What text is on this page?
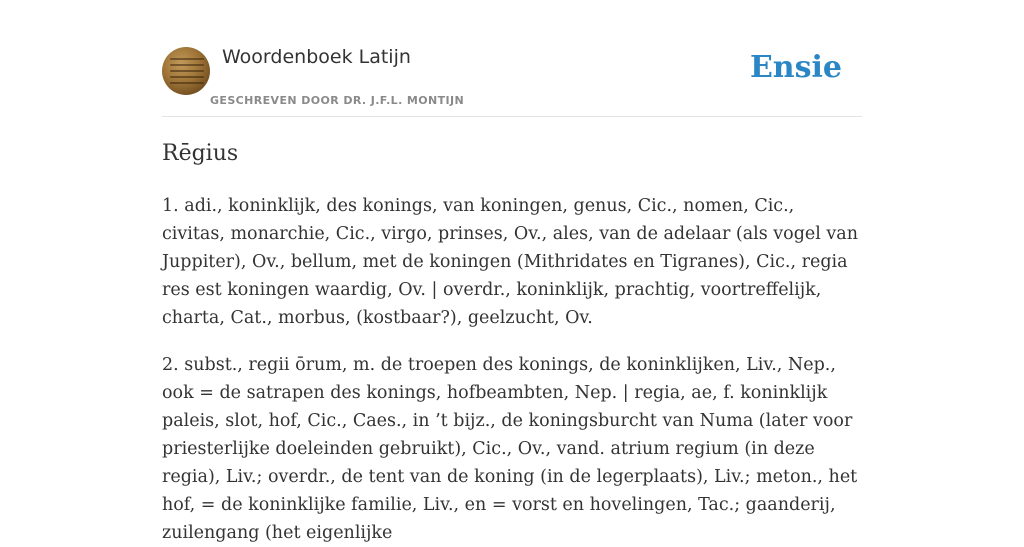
Woordenboek Latijn
GESCHREVEN DOOR DR. J.F.L. MONTIJN
Ensie
Rēgius

1. adi., koninklijk, des konings, van koningen, genus, Cic., nomen, Cic., civitas, monarchie, Cic., virgo, prinses, Ov., ales, van de adelaar (als vogel van Juppiter), Ov., bellum, met de koningen (Mithridates en Tigranes), Cic., regia res est koningen waardig, Ov. | overdr., koninklijk, prachtig, voortreffelijk, charta, Cat., morbus, (kostbaar?), geelzucht, Ov.

2. subst., regii ōrum, m. de troepen des konings, de koninklijken, Liv., Nep., ook = de satrapen des konings, hofbeambten, Nep. | regia, ae, f. koninklijk paleis, slot, hof, Cic., Caes., in ’t bijz., de koningsburcht van Numa (later voor priesterlijke doeleinden gebruikt), Cic., Ov., vand. atrium regium (in deze regia), Liv.; overdr., de tent van de koning (in de legerplaats), Liv.; meton., het hof, = de koninklijke familie, Liv., en = vorst en hovelingen, Tac.; gaanderij, zuilengang (het eigenlijke
